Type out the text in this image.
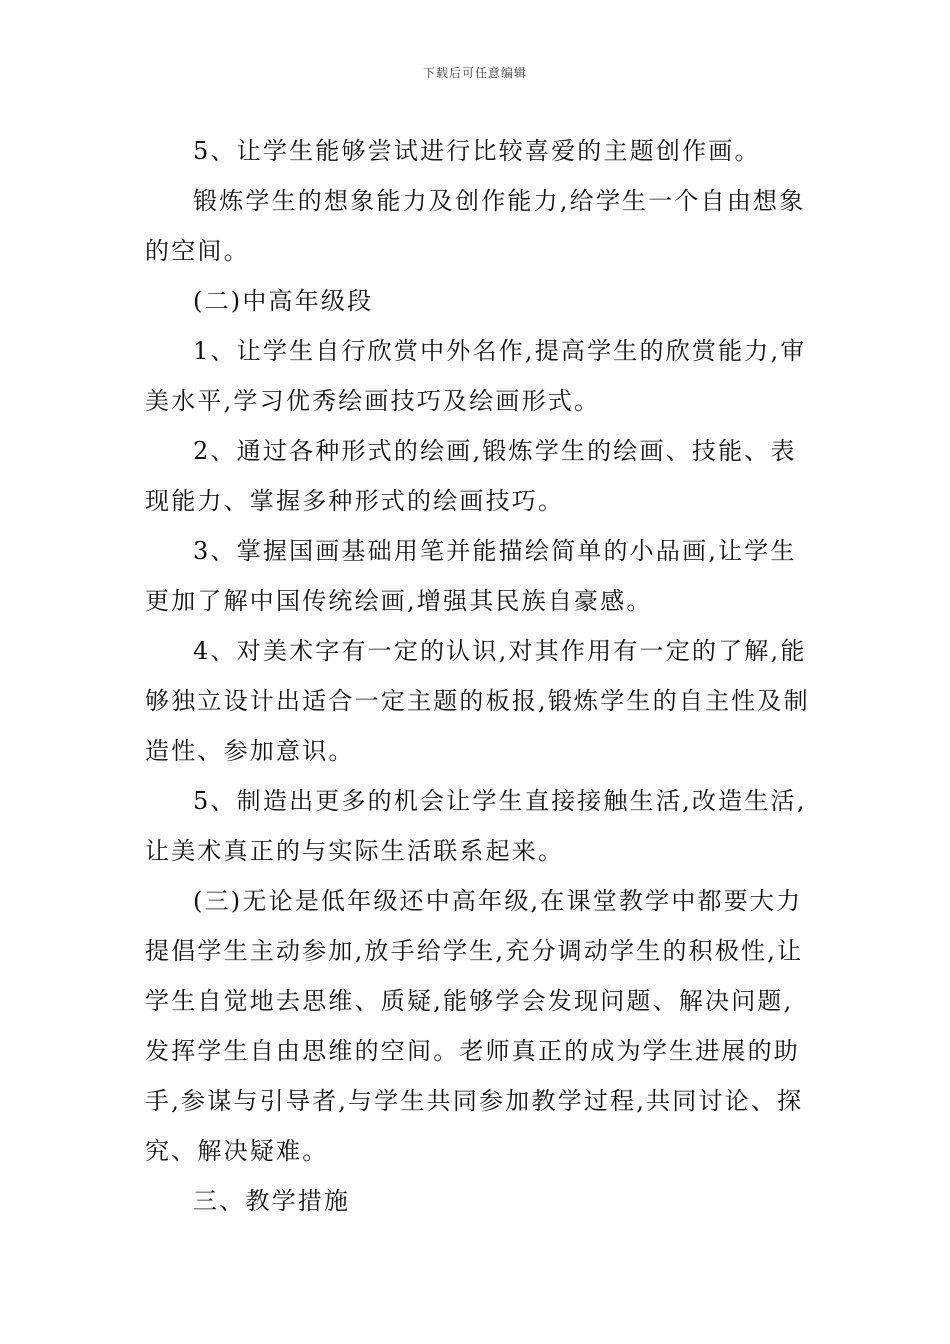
下载后可任意编辑

5、让学生能够尝试进行比较喜爱的主题创作画。

锻炼学生的想象能力及创作能力,给学生一个自由想象
的空间。

(二)中高年级段

1、让学生自行欣赏中外名作,提高学生的欣赏能力,审
美水平,学习优秀绘画技巧及绘画形式。

2、通过各种形式的绘画,锻炼学生的绘画、技能、表
现能力、掌握多种形式的绘画技巧。

3、掌握国画基础用笔并能描绘简单的小品画,让学生
更加了解中国传统绘画,增强其民族自豪感。

4、对美术字有一定的认识,对其作用有一定的了解,能
够独立设计出适合一定主题的板报,锻炼学生的自主性及制
造性、参加意识。

5、制造出更多的机会让学生直接接触生活,改造生活,
让美术真正的与实际生活联系起来。

(三)无论是低年级还中高年级,在课堂教学中都要大力
提倡学生主动参加,放手给学生,充分调动学生的积极性,让
学生自觉地去思维、质疑,能够学会发现问题、解决问题,
发挥学生自由思维的空间。老师真正的成为学生进展的助
手,参谋与引导者,与学生共同参加教学过程,共同讨论、探
究、解决疑难。

三、教学措施
